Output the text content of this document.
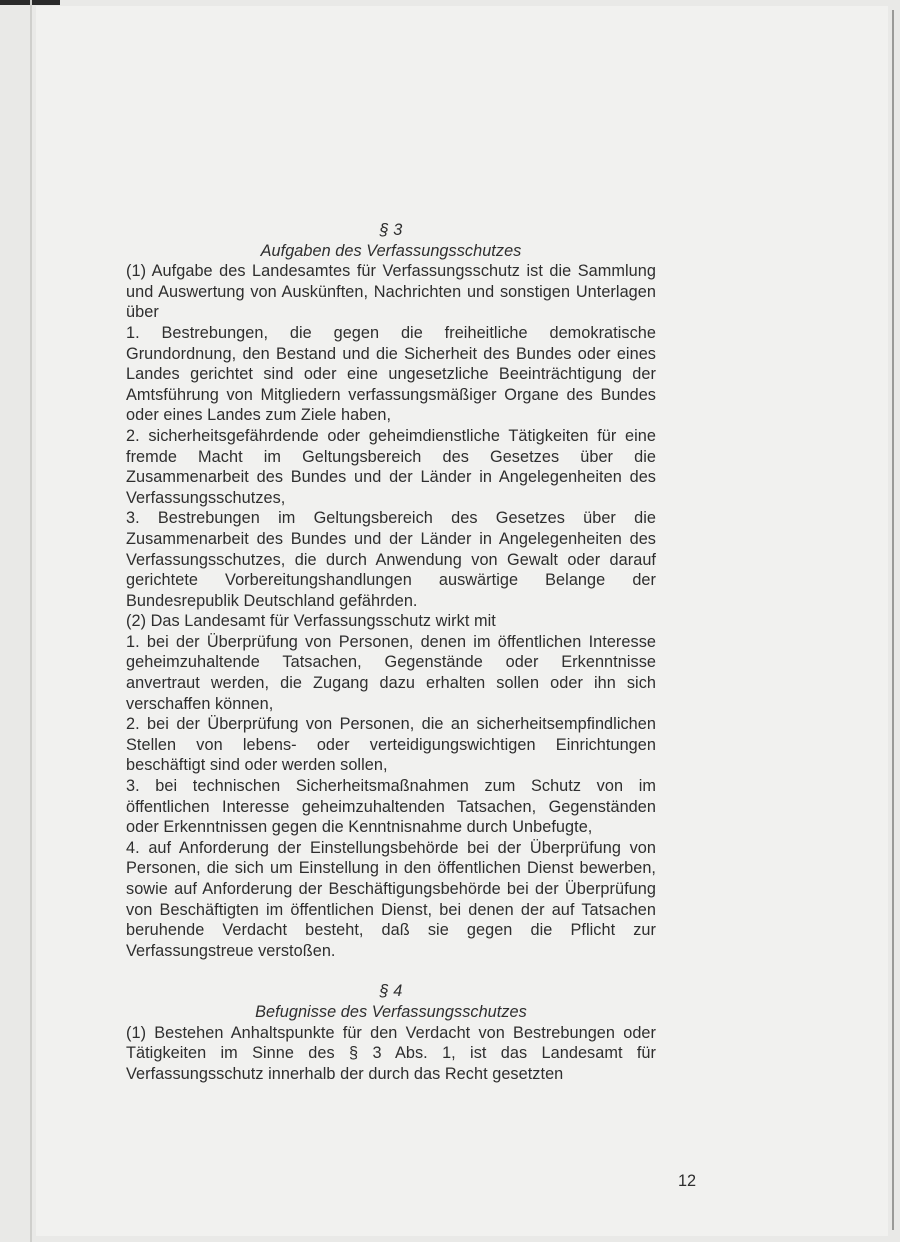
§ 3

Aufgaben des Verfassungsschutzes

(1) Aufgabe des Landesamtes für Verfassungsschutz ist die Sammlung und Auswertung von Auskünften, Nachrichten und sonstigen Unterlagen über

1. Bestrebungen, die gegen die freiheitliche demokratische Grundordnung, den Bestand und die Sicherheit des Bundes oder eines Landes gerichtet sind oder eine ungesetzliche Beeinträchtigung der Amtsführung von Mitgliedern verfassungsmäßiger Organe des Bundes oder eines Landes zum Ziele haben,

2. sicherheitsgefährdende oder geheimdienstliche Tätigkeiten für eine fremde Macht im Geltungsbereich des Gesetzes über die Zusammenarbeit des Bundes und der Länder in Angelegenheiten des Verfassungsschutzes,

3. Bestrebungen im Geltungsbereich des Gesetzes über die Zusammenarbeit des Bundes und der Länder in Angelegenheiten des Verfassungsschutzes, die durch Anwendung von Gewalt oder darauf gerichtete Vorbereitungshandlungen auswärtige Belange der Bundesrepublik Deutschland gefährden.

(2) Das Landesamt für Verfassungsschutz wirkt mit

1. bei der Überprüfung von Personen, denen im öffentlichen Interesse geheimzuhaltende Tatsachen, Gegenstände oder Erkenntnisse anvertraut werden, die Zugang dazu erhalten sollen oder ihn sich verschaffen können,

2. bei der Überprüfung von Personen, die an sicherheitsempfindlichen Stellen von lebens- oder verteidigungswichtigen Einrichtungen beschäftigt sind oder werden sollen,

3. bei technischen Sicherheitsmaßnahmen zum Schutz von im öffentlichen Interesse geheimzuhaltenden Tatsachen, Gegenständen oder Erkenntnissen gegen die Kenntnisnahme durch Unbefugte,

4. auf Anforderung der Einstellungsbehörde bei der Überprüfung von Personen, die sich um Einstellung in den öffentlichen Dienst bewerben, sowie auf Anforderung der Beschäftigungsbehörde bei der Überprüfung von Beschäftigten im öffentlichen Dienst, bei denen der auf Tatsachen beruhende Verdacht besteht, daß sie gegen die Pflicht zur Verfassungstreue verstoßen.

§ 4

Befugnisse des Verfassungsschutzes

(1) Bestehen Anhaltspunkte für den Verdacht von Bestrebungen oder Tätigkeiten im Sinne des § 3 Abs. 1, ist das Landesamt für Verfassungsschutz innerhalb der durch das Recht gesetzten

12
